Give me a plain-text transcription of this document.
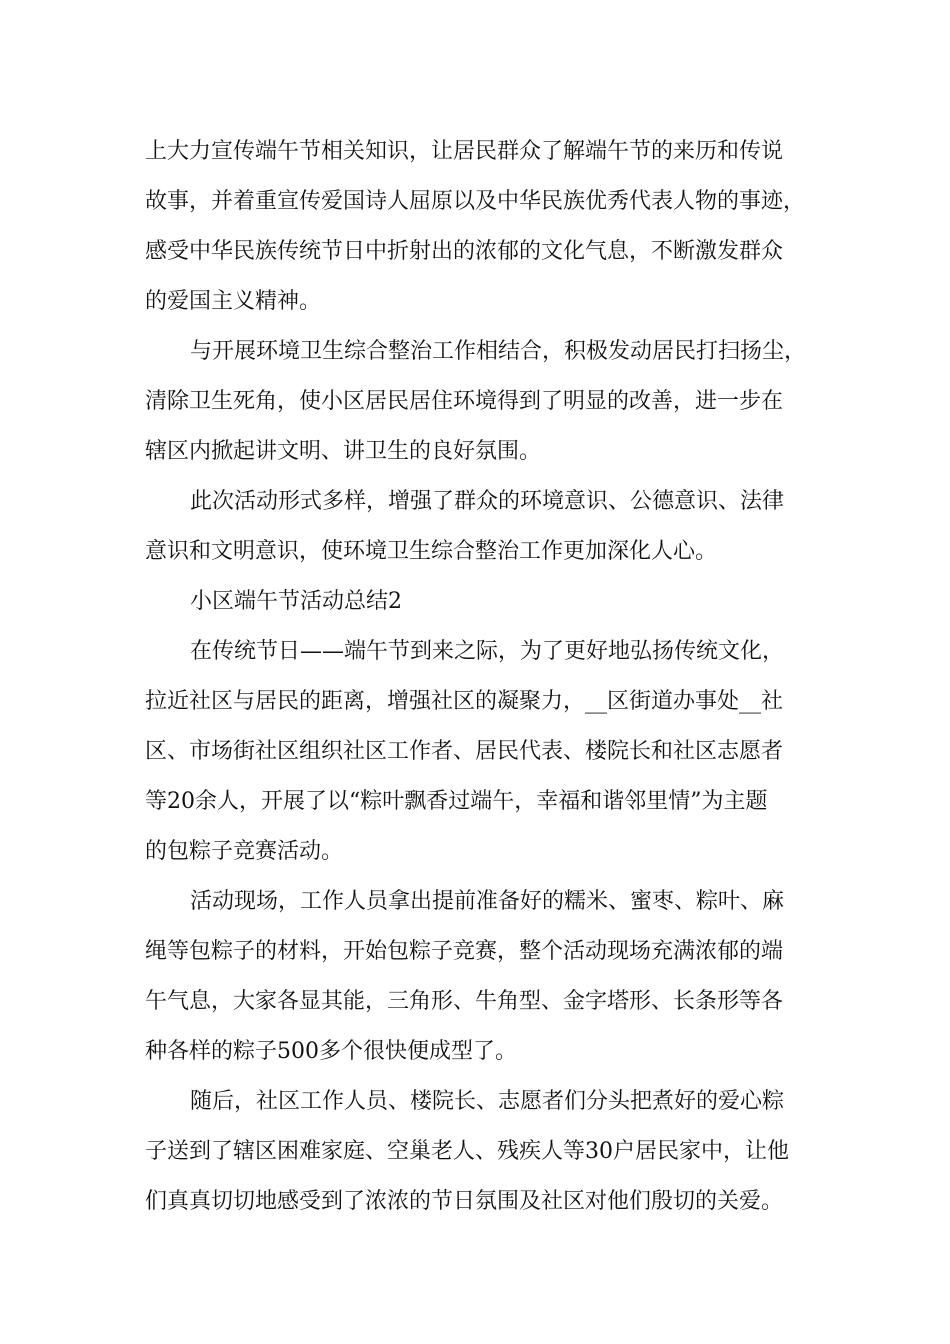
上大力宣传端午节相关知识，让居民群众了解端午节的来历和传说
故事，并着重宣传爱国诗人屈原以及中华民族优秀代表人物的事迹，
感受中华民族传统节日中折射出的浓郁的文化气息，不断激发群众
的爱国主义精神。
与开展环境卫生综合整治工作相结合，积极发动居民打扫扬尘，
清除卫生死角，使小区居民居住环境得到了明显的改善，进一步在
辖区内掀起讲文明、讲卫生的良好氛围。
此次活动形式多样，增强了群众的环境意识、公德意识、法律
意识和文明意识，使环境卫生综合整治工作更加深化人心。
小区端午节活动总结2
在传统节日——端午节到来之际，为了更好地弘扬传统文化，
拉近社区与居民的距离，增强社区的凝聚力，__区街道办事处__社
区、市场街社区组织社区工作者、居民代表、楼院长和社区志愿者
等20余人，开展了以“粽叶飘香过端午，幸福和谐邻里情”为主题
的包粽子竞赛活动。
活动现场，工作人员拿出提前准备好的糯米、蜜枣、粽叶、麻
绳等包粽子的材料，开始包粽子竞赛，整个活动现场充满浓郁的端
午气息，大家各显其能，三角形、牛角型、金字塔形、长条形等各
种各样的粽子500多个很快便成型了。
随后，社区工作人员、楼院长、志愿者们分头把煮好的爱心粽
子送到了辖区困难家庭、空巢老人、残疾人等30户居民家中，让他
们真真切切地感受到了浓浓的节日氛围及社区对他们殷切的关爱。
